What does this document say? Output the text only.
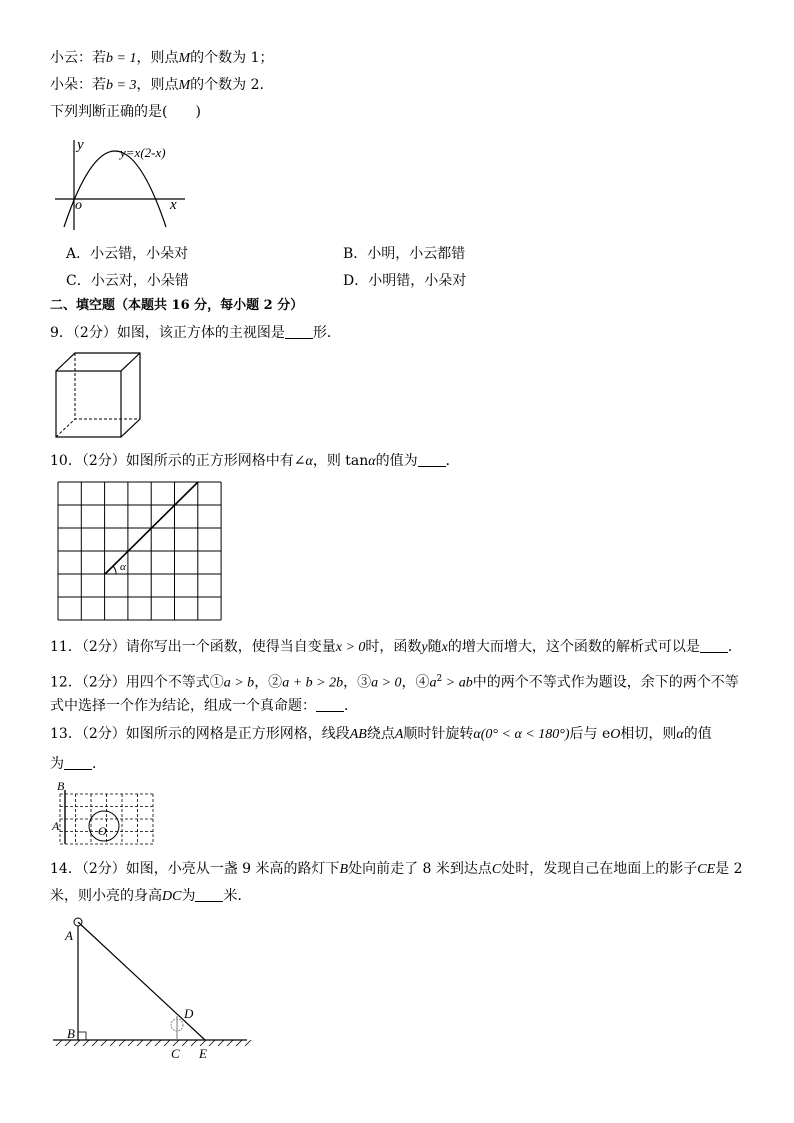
小云：若b = 1，则点M的个数为 1；
小朵：若b = 3，则点M的个数为 2．
下列判断正确的是(　　)
y
x
o
y=x(2-x)
A．小云错，小朵对	B．小明，小云都错
C．小云对，小朵错	D．小明错，小朵对
二、填空题（本题共 16 分，每小题 2 分）
9．（2分）如图，该正方体的主视图是 形．
10．（2分）如图所示的正方形网格中有∠α，则 tanα的值为 ．
α
11．（2分）请你写出一个函数，使得当自变量x > 0时，函数y随x的增大而增大，这个函数的解析式可以是 ．
12．（2分）用四个不等式①a > b，②a + b > 2b，③a > 0，$④a^2$ > ab中的两个不等式作为题设，余下的两个不等
式中选择一个作为结论，组成一个真命题： ．
13．（2分）如图所示的网格是正方形网格，线段AB绕点A顺时针旋转α(0° < α < 180°)后与 eO相切，则α的值
为 ．
B
A	O
14．（2分）如图，小亮从一盏 9 米高的路灯下B处向前走了 8 米到达点C处时，发现自己在地面上的影子CE是 2
米，则小亮的身高DC为 米．
A
B
D
C E
